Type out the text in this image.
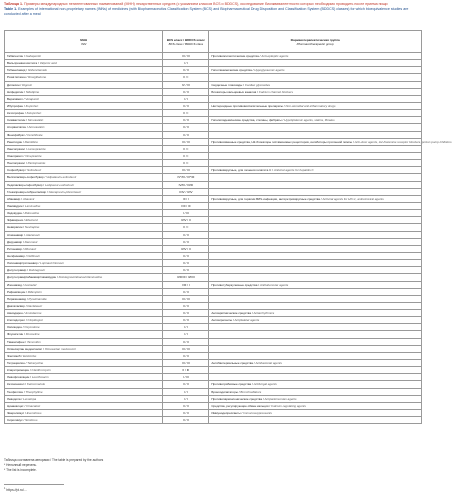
Таблица 1. Примеры международных непатентованных наименований (МНН) лекарственных средств (с указанием классов BCS и BDDCS), исследование биоэквивалентности которых необходимо проводить после приема пищи
Table 1. Examples of international non-proprietary names (INNs) of medicines (with Biopharmaceutics Classification System (BCS) and Biopharmaceutical Drug Disposition and Classification System (BDDCS) classes) for which bioequivalence studies are conducted after a meal
МНН
INN	BCS класс / BDDCS класс
BCS class / BDDCS class	Фармакотерапевтическая группа
Pharmacotherapeutic group

Габапентин / Gabapentin	III / III	Противоэпилептические средства / Anti-epileptic agents
Вальпроевая кислота / Valproic acid	I / I	
Гибенкламид / Glibenclamide	II / II	Гипогликемические средства / Hypoglycaemic agents
Розиглитазон / Rosiglitazone	II / I	
Дигоксин / Digoxin	IV / III	Сердечные гликозиды / Cardiac glycosides
Нифедипин / Nifedipine	II / II	Блокаторы кальциевых каналов / Calcium channel blockers
Верапамил / Verapamil	I / I	
Ибупрофен / Ibuprofen	II / II	Нестероидные противовоспалительные препараты / Non-steroidal anti-inflammatory drugs
Кетопрофен / Ketoprofen	II / I	
Симвастатин / Simvastatin	II / II	Гиполипидемические средства, статины, фибраты / Hypolipidemic agents, statins, fibrates
Аторвастатин / Atorvastatin	II / II	
Фенофибрат / Fenofibrate	II / II	
Ранитидин / Ranitidine	III / III	Противоязвенные средства, Н2-блокаторы гистаминовых рецепторов, ингибиторы протонной помпы / Anti-ulcer agents, H2-histamine receptor blockers, proton pump inhibitors
Лансопразол / Lansoprazole	II / I	
Омепразол / Omeprazole	II / I	
Пантопразол / Pantoprazole	II / I	
Софосбувир / Sofosbuvir	III / III	Противовирусные, для лечения гепатита С / Antiviral agents for hepatitis C
Велпатасвир+софосбувир / Velpatasvir+sofosbuvir	IV*/III / III*/III	
Ледипасвир+софосбувир / Ledipasvir+sofosbuvir	IV/III / III/III	
Глекапревир+пибрентасвир / Glecaprevir+pibrentasvir	II/IV / II/IV	
Абакавир / Abacavir	III / I	Противовирусные, для терапии ВИЧ-инфекции, антиретровирусные средства / Antiviral agents for HIV-1, antiretroviral agents
Ламивудин / Lamivudine	I/III / III	
Зидовудин / Zidovudine	I / III	
Эфавиренз / Efavirenz	II/IV / II	
Невирапин / Nevirapine	II / I	
Атазанавир / Atazanavir	II / II	
Дарунавир / Darunavir	II / II	
Ритонавир / Ritonavir	II/IV / II	
Нелфинавир / Nelfinavir	II / II	
Лопинавир/ритонавир / Lopinavir/ritonavir	II / II	
Долутегравир / Dolutegravir	II / II	
Долутегравир/абакавир/ламивудин / Dolutegravir/abacavir/lamivudine	II/III/III / II/I/III	
Изониазид / Isoniazid	I/III / I	Противотуберкулезные средства / Antitubercular agents
Рифампицин / Rifampicin	II / II	
Пиразинамид / Pyrazinamide	III / III	
Даклатасвир / Daclatasvir	II / II	
Амиодарон / Amiodarone	II / II	Антиаритмические средства / Antiarrhythmics
Клопидогрел / Clopidogrel	II / II	Антиагреганты / Antiplatelet agents
Оксикодон / Oxycodone	I / I	
Флуоксетин / Fluoxetine	I / I	
Тамоксифен / Tamoxifen	II / II	
Олмесартан медоксомил / Olmesartan medoxomil	III / III	
Эзетимиб / Ezetimibe	II / II	
Тетрациклин / Tetracycline	III / III	Антибактериальные средства / Antibacterial agents
Кларитромицин / Clarithromycin	II / III	
Левофлоксацин / Levofloxacin	I / III	
Кетоконазол / Ketoconazole	II / II	Противогрибковые средства / Antifungal agents
Теофиллин / Theophylline	I / I	Бронходилататоры / Bronchodilators
Леводопа / Levodopa	I / I	Противопаркинсонические средства / Antiparkinsonian agents
Цинакалцет / Cinacalcet	II / II	Средства, регулирующие обмен кальция / Calcium-regulating agents
Эверолимус / Everolimus	II / II	Иммунодепрессанты / Immunosuppressants
Сиролимус / Sirolimus	II / II	
Таблица составлена авторами / The table is prepared by the authors
* Неполный перечень.
* The list is incomplete.
$^1$ https://pi.ru/...
